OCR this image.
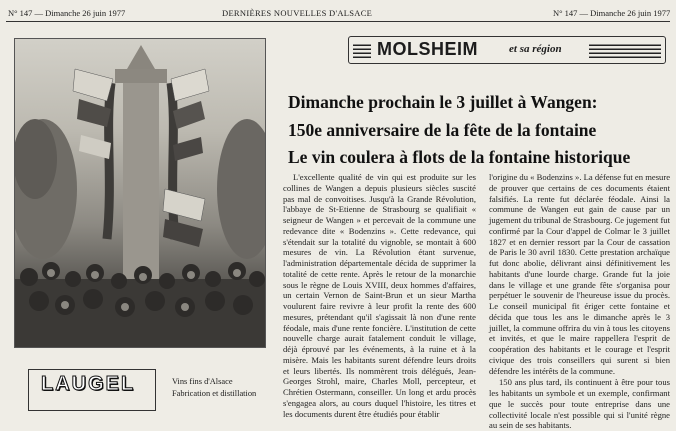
N° 147 — Dimanche 26 juin 1977	DERNIÈRES NOUVELLES D'ALSACE	N° 147 — Dimanche 26 juin 1977
MOLSHEIM	et sa région
Dimanche prochain le 3 juillet à Wangen:
150e anniversaire de la fête de la fontaine
Le vin coulera à flots de la fontaine historique

L'excellente qualité de vin qui est produite sur les collines de Wangen a depuis plusieurs siècles suscité pas mal de convoitises. Jusqu'à la Grande Révolution, l'abbaye de St-Etienne de Strasbourg se qualifiait « seigneur de Wangen » et percevait de la commune une redevance dite « Bodenzins ». Cette redevance, qui s'étendait sur la totalité du vignoble, se montait à 600 mesures de vin. La Révolution étant survenue, l'administration départementale décida de supprimer la totalité de cette rente. Après le retour de la monarchie sous le règne de Louis XVIII, deux hommes d'affaires, un certain Vernon de Saint-Brun et un sieur Martha voulurent faire revivre à leur profit la rente des 600 mesures, prétendant qu'il s'agissait là non d'une rente féodale, mais d'une rente foncière. L'institution de cette nouvelle charge aurait fatalement conduit le village, déjà éprouvé par les événements, à la ruine et à la misère. Mais les habitants surent défendre leurs droits et leurs libertés. Ils nommèrent trois délégués, Jean-Georges Strohl, maire, Charles Moll, percepteur, et Chrétien Ostermann, conseiller. Un long et ardu procès s'engagea alors, au cours duquel l'histoire, les titres et les documents durent être étudiés pour établir

l'origine du « Bodenzins ». La défense fut en mesure de prouver que certains de ces documents étaient falsifiés. La rente fut déclarée féodale. Ainsi la commune de Wangen eut gain de cause par un jugement du tribunal de Strasbourg. Ce jugement fut confirmé par la Cour d'appel de Colmar le 3 juillet 1827 et en dernier ressort par la Cour de cassation de Paris le 30 avril 1830. Cette prestation archaïque fut donc abolie, délivrant ainsi définitivement les habitants d'une lourde charge. Grande fut la joie dans le village et une grande fête s'organisa pour perpétuer le souvenir de l'heureuse issue du procès. Le conseil municipal fit ériger cette fontaine et décida que tous les ans le dimanche après le 3 juillet, la commune offrira du vin à tous les citoyens et invités, et que le maire rappellera l'esprit de coopération des habitants et le courage et l'esprit civique des trois conseillers qui surent si bien défendre les intérêts de la commune.

150 ans plus tard, ils continuent à être pour tous les habitants un symbole et un exemple, confirmant que le succès pour toute entreprise dans une collectivité locale n'est possible qui si l'unité règne au sein de ses habitants.

LAUGEL	Vins fins d'Alsace
Fabrication et distillation
